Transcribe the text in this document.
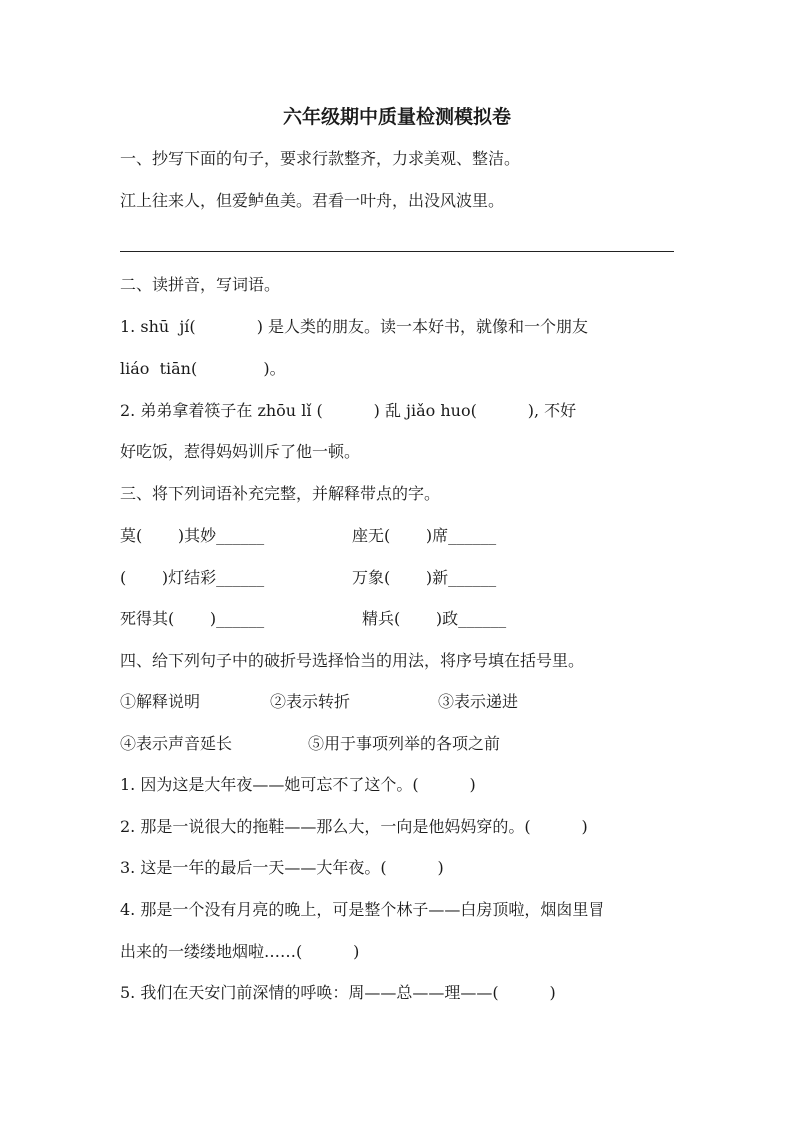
六年级期中质量检测模拟卷
一、抄写下面的句子，要求行款整齐，力求美观、整洁。
江上往来人，但爱鲈鱼美。君看一叶舟，出没风波里。
二、读拼音，写词语。
1. shū  jí(            ) 是人类的朋友。读一本好书，就像和一个朋友
liáo  tiān(             )。
2. 弟弟拿着筷子在 zhōu lǐ (          ) 乱 jiǎo huo(          ), 不好
好吃饭，惹得妈妈训斥了他一顿。
三、将下列词语补充完整，并解释带点的字。
莫(       )其妙______	座无(       )席______
(       )灯结彩______	万象(       )新______
死得其(       )______	精兵(       )政______
四、给下列句子中的破折号选择恰当的用法，将序号填在括号里。
①解释说明	②表示转折	③表示递进
④表示声音延长	⑤用于事项列举的各项之前
1. 因为这是大年夜——她可忘不了这个。(          )
2. 那是一说很大的拖鞋——那么大，一向是他妈妈穿的。(          )
3. 这是一年的最后一天——大年夜。(          )
4. 那是一个没有月亮的晚上，可是整个林子——白房顶啦，烟囱里冒
出来的一缕缕地烟啦……(          )
5. 我们在天安门前深情的呼唤：周——总——理——(          )
